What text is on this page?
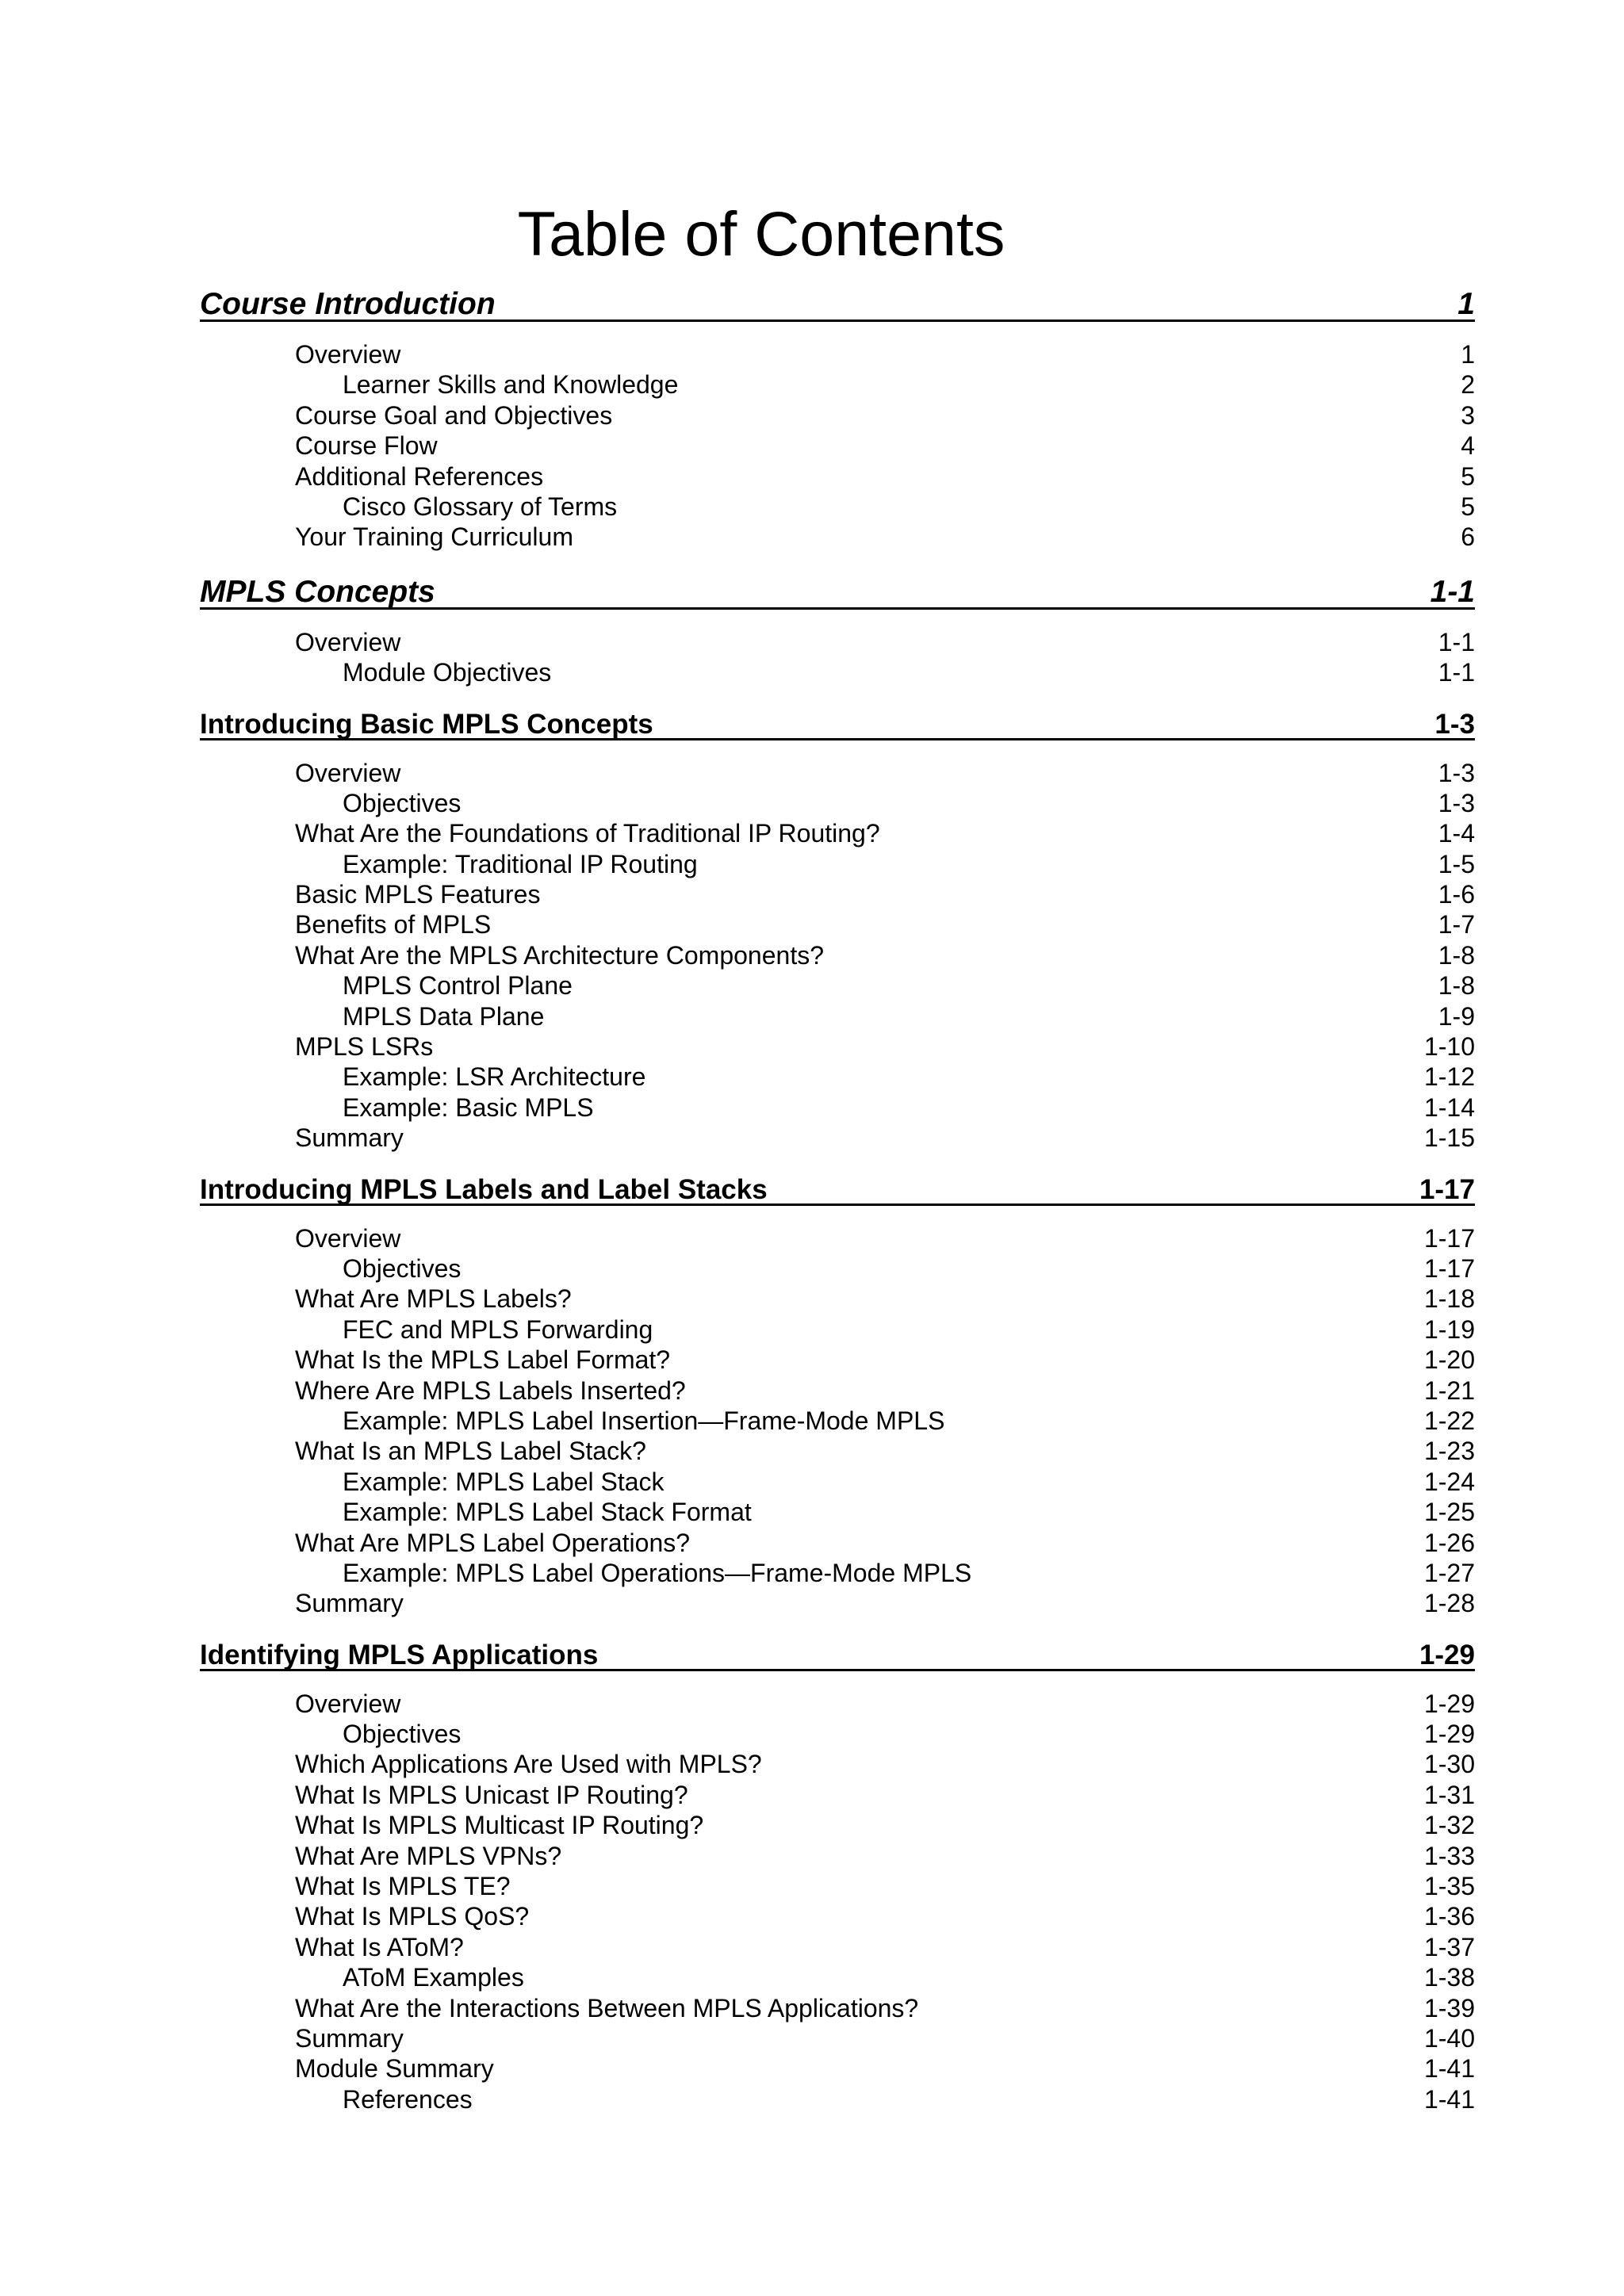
Table of Contents
Course Introduction	1
Overview	1
Learner Skills and Knowledge	2
Course Goal and Objectives	3
Course Flow	4
Additional References	5
Cisco Glossary of Terms	5
Your Training Curriculum	6
MPLS Concepts	1-1
Overview	1-1
Module Objectives	1-1
Introducing Basic MPLS Concepts	1-3
Overview	1-3
Objectives	1-3
What Are the Foundations of Traditional IP Routing?	1-4
Example: Traditional IP Routing	1-5
Basic MPLS Features	1-6
Benefits of MPLS	1-7
What Are the MPLS Architecture Components?	1-8
MPLS Control Plane	1-8
MPLS Data Plane	1-9
MPLS LSRs	1-10
Example: LSR Architecture	1-12
Example: Basic MPLS	1-14
Summary	1-15
Introducing MPLS Labels and Label Stacks	1-17
Overview	1-17
Objectives	1-17
What Are MPLS Labels?	1-18
FEC and MPLS Forwarding	1-19
What Is the MPLS Label Format?	1-20
Where Are MPLS Labels Inserted?	1-21
Example: MPLS Label Insertion—Frame-Mode MPLS	1-22
What Is an MPLS Label Stack?	1-23
Example: MPLS Label Stack	1-24
Example: MPLS Label Stack Format	1-25
What Are MPLS Label Operations?	1-26
Example: MPLS Label Operations—Frame-Mode MPLS	1-27
Summary	1-28
Identifying MPLS Applications	1-29
Overview	1-29
Objectives	1-29
Which Applications Are Used with MPLS?	1-30
What Is MPLS Unicast IP Routing?	1-31
What Is MPLS Multicast IP Routing?	1-32
What Are MPLS VPNs?	1-33
What Is MPLS TE?	1-35
What Is MPLS QoS?	1-36
What Is AToM?	1-37
AToM Examples	1-38
What Are the Interactions Between MPLS Applications?	1-39
Summary	1-40
Module Summary	1-41
References	1-41
